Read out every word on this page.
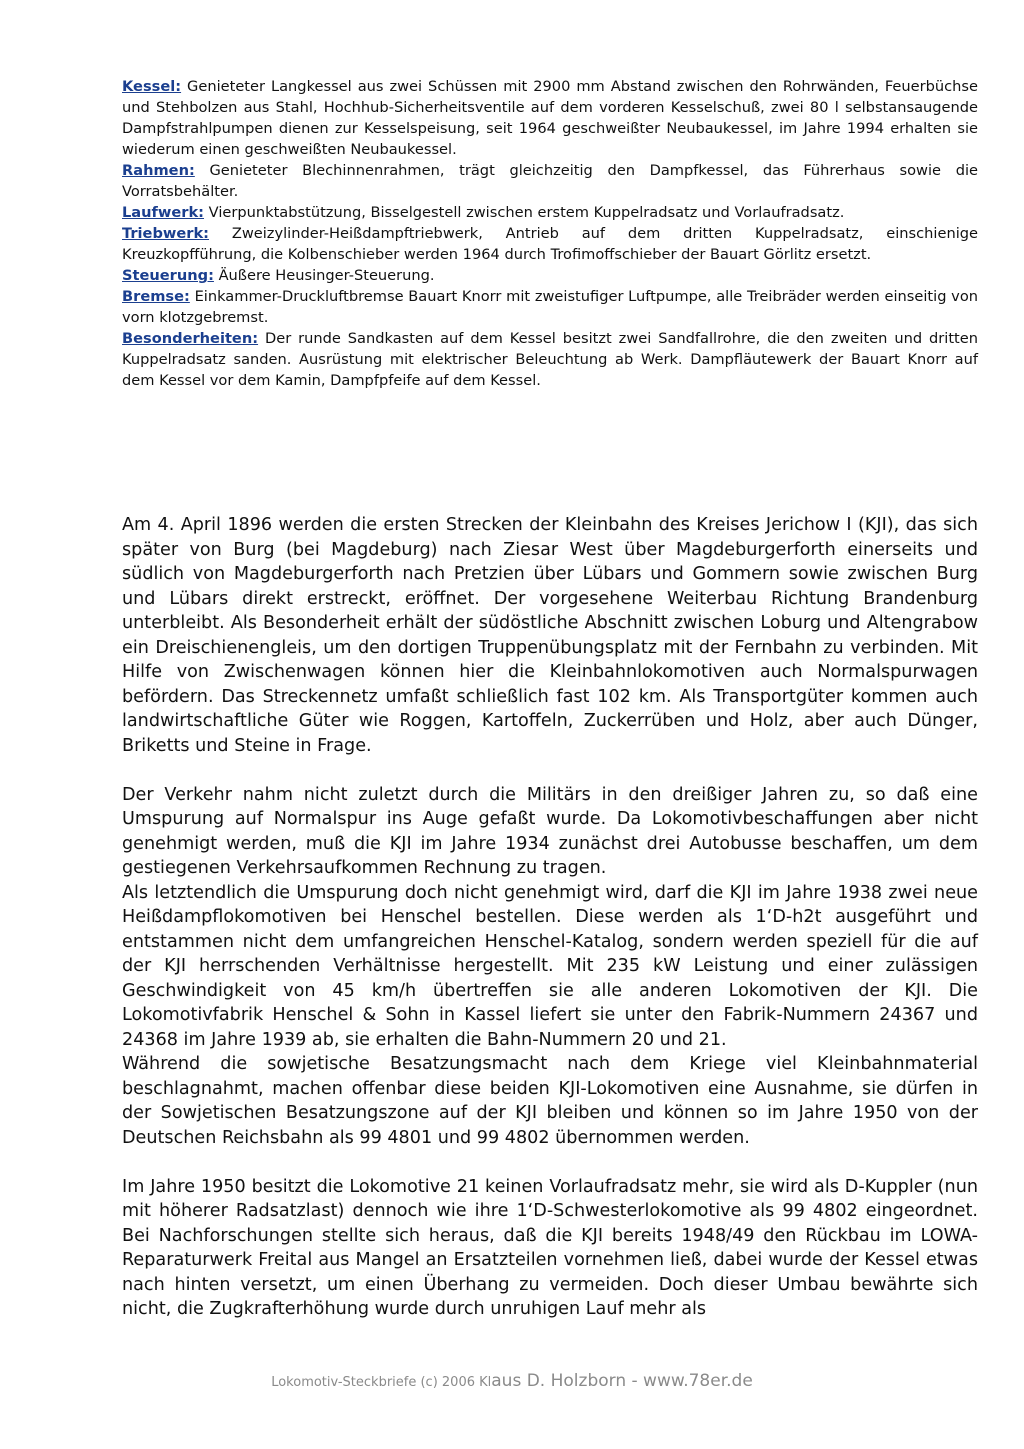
Kessel: Genieteter Langkessel aus zwei Schüssen mit 2900 mm Abstand zwischen den Rohrwänden, Feuerbüchse und Stehbolzen aus Stahl, Hochhub-Sicherheitsventile auf dem vorderen Kesselschuß, zwei 80 l selbstansaugende Dampfstrahlpumpen dienen zur Kesselspeisung, seit 1964 geschweißter Neubaukessel, im Jahre 1994 erhalten sie wiederum einen geschweißten Neubaukessel.

Rahmen: Genieteter Blechinnenrahmen, trägt gleichzeitig den Dampfkessel, das Führerhaus sowie die Vorratsbehälter.

Laufwerk: Vierpunktabstützung, Bisselgestell zwischen erstem Kuppelradsatz und Vorlaufradsatz.

Triebwerk: Zweizylinder-Heißdampftriebwerk, Antrieb auf dem dritten Kuppelradsatz, einschienige Kreuzkopfführung, die Kolbenschieber werden 1964 durch Trofimoffschieber der Bauart Görlitz ersetzt.

Steuerung: Äußere Heusinger-Steuerung.

Bremse: Einkammer-Druckluftbremse Bauart Knorr mit zweistufiger Luftpumpe, alle Treibräder werden einseitig von vorn klotzgebremst.

Besonderheiten: Der runde Sandkasten auf dem Kessel besitzt zwei Sandfallrohre, die den zweiten und dritten Kuppelradsatz sanden. Ausrüstung mit elektrischer Beleuchtung ab Werk. Dampfläutewerk der Bauart Knorr auf dem Kessel vor dem Kamin, Dampfpfeife auf dem Kessel.

Am 4. April 1896 werden die ersten Strecken der Kleinbahn des Kreises Jerichow I (KJI), das sich später von Burg (bei Magdeburg) nach Ziesar West über Magdeburgerforth einerseits und südlich von Magdeburgerforth nach Pretzien über Lübars und Gommern sowie zwischen Burg und Lübars direkt erstreckt, eröffnet. Der vorgesehene Weiterbau Richtung Brandenburg unterbleibt. Als Besonderheit erhält der südöstliche Abschnitt zwischen Loburg und Altengrabow ein Dreischienengleis, um den dortigen Truppenübungsplatz mit der Fernbahn zu verbinden. Mit Hilfe von Zwischenwagen können hier die Kleinbahnlokomotiven auch Normalspurwagen befördern. Das Streckennetz umfaßt schließlich fast 102 km. Als Transportgüter kommen auch landwirtschaftliche Güter wie Roggen, Kartoffeln, Zuckerrüben und Holz, aber auch Dünger, Briketts und Steine in Frage.

Der Verkehr nahm nicht zuletzt durch die Militärs in den dreißiger Jahren zu, so daß eine Umspurung auf Normalspur ins Auge gefaßt wurde. Da Lokomotivbeschaffungen aber nicht genehmigt werden, muß die KJI im Jahre 1934 zunächst drei Autobusse beschaffen, um dem gestiegenen Verkehrsaufkommen Rechnung zu tragen.

Als letztendlich die Umspurung doch nicht genehmigt wird, darf die KJI im Jahre 1938 zwei neue Heißdampflokomotiven bei Henschel bestellen. Diese werden als 1‘D-h2t ausgeführt und entstammen nicht dem umfangreichen Henschel-Katalog, sondern werden speziell für die auf der KJI herrschenden Verhältnisse hergestellt. Mit 235 kW Leistung und einer zulässigen Geschwindigkeit von 45 km/h übertreffen sie alle anderen Lokomotiven der KJI. Die Lokomotivfabrik Henschel & Sohn in Kassel liefert sie unter den Fabrik-Nummern 24367 und 24368 im Jahre 1939 ab, sie erhalten die Bahn-Nummern 20 und 21.

Während die sowjetische Besatzungsmacht nach dem Kriege viel Kleinbahnmaterial beschlagnahmt, machen offenbar diese beiden KJI-Lokomotiven eine Ausnahme, sie dürfen in der Sowjetischen Besatzungszone auf der KJI bleiben und können so im Jahre 1950 von der Deutschen Reichsbahn als 99 4801 und 99 4802 übernommen werden.

Im Jahre 1950 besitzt die Lokomotive 21 keinen Vorlaufradsatz mehr, sie wird als D-Kuppler (nun mit höherer Radsatzlast) dennoch wie ihre 1‘D-Schwesterlokomotive als 99 4802 eingeordnet. Bei Nachforschungen stellte sich heraus, daß die KJI bereits 1948/49 den Rückbau im LOWA-Reparaturwerk Freital aus Mangel an Ersatzteilen vornehmen ließ, dabei wurde der Kessel etwas nach hinten versetzt, um einen Überhang zu vermeiden. Doch dieser Umbau bewährte sich nicht, die Zugkrafterhöhung wurde durch unruhigen Lauf mehr als

Lokomotiv-Steckbriefe (c) 2006 Klaus D. Holzborn - www.78er.de
